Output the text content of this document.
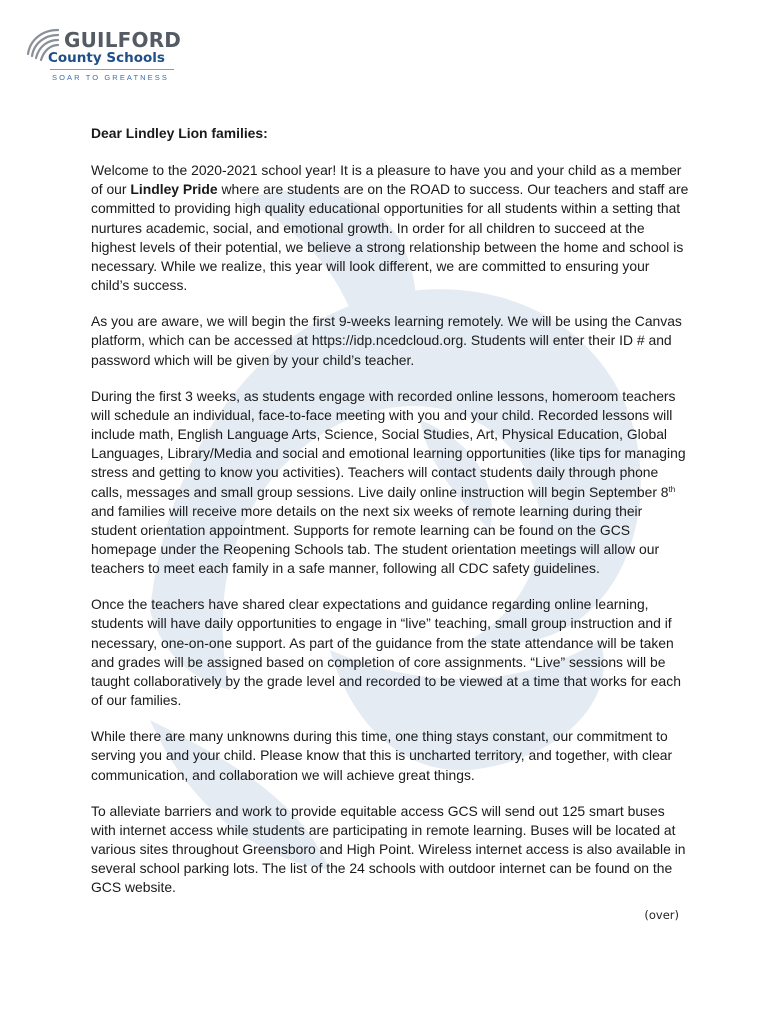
GUILFORD
County Schools
SOAR TO GREATNESS

Dear Lindley Lion families:

Welcome to the 2020-2021 school year! It is a pleasure to have you and your child as a member of our Lindley Pride where are students are on the ROAD to success. Our teachers and staff are committed to providing high quality educational opportunities for all students within a setting that nurtures academic, social, and emotional growth. In order for all children to succeed at the highest levels of their potential, we believe a strong relationship between the home and school is necessary. While we realize, this year will look different, we are committed to ensuring your child’s success.

As you are aware, we will begin the first 9-weeks learning remotely. We will be using the Canvas platform, which can be accessed at https://idp.ncedcloud.org. Students will enter their ID # and password which will be given by your child’s teacher.

During the first 3 weeks, as students engage with recorded online lessons, homeroom teachers will schedule an individual, face-to-face meeting with you and your child. Recorded lessons will include math, English Language Arts, Science, Social Studies, Art, Physical Education, Global Languages, Library/Media and social and emotional learning opportunities (like tips for managing stress and getting to know you activities). Teachers will contact students daily through phone calls, messages and small group sessions. Live daily online instruction will begin September 8th and families will receive more details on the next six weeks of remote learning during their student orientation appointment. Supports for remote learning can be found on the GCS homepage under the Reopening Schools tab. The student orientation meetings will allow our teachers to meet each family in a safe manner, following all CDC safety guidelines.

Once the teachers have shared clear expectations and guidance regarding online learning, students will have daily opportunities to engage in “live” teaching, small group instruction and if necessary, one-on-one support. As part of the guidance from the state attendance will be taken and grades will be assigned based on completion of core assignments. “Live” sessions will be taught collaboratively by the grade level and recorded to be viewed at a time that works for each of our families.

While there are many unknowns during this time, one thing stays constant, our commitment to serving you and your child. Please know that this is uncharted territory, and together, with clear communication, and collaboration we will achieve great things.

To alleviate barriers and work to provide equitable access GCS will send out 125 smart buses with internet access while students are participating in remote learning. Buses will be located at various sites throughout Greensboro and High Point. Wireless internet access is also available in several school parking lots. The list of the 24 schools with outdoor internet can be found on the GCS website.

(over)
